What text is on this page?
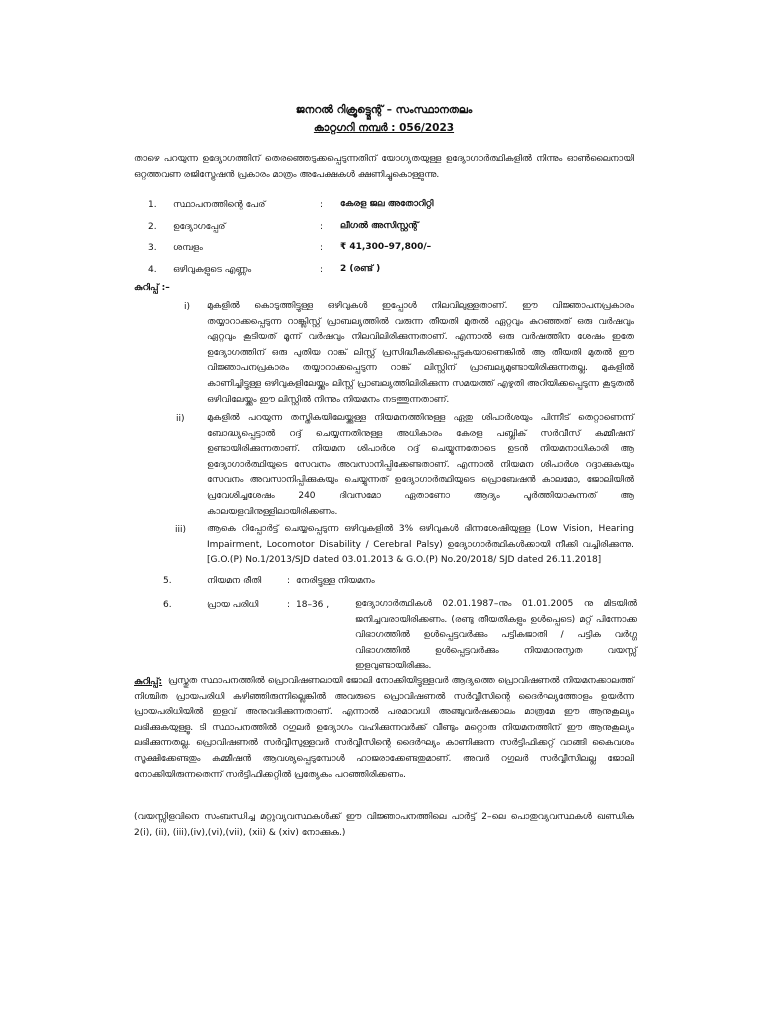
ജനറൽ റിക്രൂട്ട്മെന്റ് – സംസ്ഥാനതലം

കാറ്റഗറി നമ്പർ : 056/2023

താഴെ പറയുന്ന ഉദ്യോഗത്തിന് തെരഞ്ഞെടുക്കപ്പെടുന്നതിന് യോഗ്യതയുള്ള ഉദ്യോഗാർത്ഥികളിൽ നിന്നും ഓൺലൈനായി ഒറ്റത്തവണ രജിസ്ട്രേഷൻ പ്രകാരം മാത്രം അപേക്ഷകൾ ക്ഷണിച്ചുകൊള്ളുന്നു.

1. സ്ഥാപനത്തിന്റെ പേര്	: കേരള ജല അതോറിറ്റി
2. ഉദ്യോഗപ്പേര്	: ലീഗൽ അസിസ്റ്റന്റ്
3. ശമ്പളം	: ₹ 41,300–97,800/–
4. ഒഴിവുകളുടെ എണ്ണം	: 2 (രണ്ട് )

കുറിപ്പ് :–

i) മുകളിൽ കൊടുത്തിട്ടുള്ള ഒഴിവുകൾ ഇപ്പോൾ നിലവിലുള്ളതാണ്. ഈ വിജ്ഞാപനപ്രകാരം തയ്യാറാക്കപ്പെടുന്ന റാങ്ക്ലിസ്റ്റ് പ്രാബല്യത്തിൽ വരുന്ന തീയതി മുതൽ ഏറ്റവും കുറഞ്ഞത് ഒരു വർഷവും ഏറ്റവും കൂടിയത് മൂന്ന് വർഷവും നിലവിലിരിക്കുന്നതാണ്. എന്നാൽ ഒരു വർഷത്തിന ശേഷം ഇതേ ഉദ്യോഗത്തിന് ഒരു പുതിയ റാങ്ക് ലിസ്റ്റ് പ്രസിദ്ധീകരിക്കപ്പെടുകയാണെങ്കിൽ ആ തീയതി മുതൽ ഈ വിജ്ഞാപനപ്രകാരം തയ്യാറാക്കപ്പെടുന്ന റാങ്ക് ലിസ്റ്റിന് പ്രാബല്യമുണ്ടായിരിക്കുന്നതല്ല. മുകളിൽ കാണിച്ചിട്ടുള്ള ഒഴിവുകളിലേയ്ക്കും ലിസ്റ്റ് പ്രാബല്യത്തിലിരിക്കുന്ന സമയത്ത് എഴുതി അറിയിക്കപ്പെടുന്ന കൂടുതൽ ഒഴിവിലേയ്ക്കും ഈ ലിസ്റ്റിൽ നിന്നും നിയമനം നടത്തുന്നതാണ്.

ii) മുകളിൽ പറയുന്ന തസ്തികയിലേയ്ക്കുള്ള നിയമനത്തിനുള്ള ഏതു ശിപാർശയും പിന്നീട് തെറ്റാണെന്ന് ബോദ്ധ്യപ്പെട്ടാൽ റദ്ദ് ചെയ്യന്നതിനുള്ള അധികാരം കേരള പബ്ലിക് സർവീസ് കമ്മീഷന് ഉണ്ടായിരിക്കുന്നതാണ്. നിയമന ശിപാർശ റദ്ദ് ചെയ്യുന്നതോടെ ഉടൻ നിയമനാധികാരി ആ ഉദ്യോഗാർത്ഥിയുടെ സേവനം അവസാനിപ്പിക്കേണ്ടതാണ്. എന്നാൽ നിയമന ശിപാർശ റദ്ദാക്കുകയും സേവനം അവസാനിപ്പിക്കുകയും ചെയ്യുന്നത് ഉദ്യോഗാർത്ഥിയുടെ പ്രൊബേഷൻ കാലമോ, ജോലിയിൽ പ്രവേശിച്ചശേഷം 240 ദിവസമോ ഏതാണോ ആദ്യം പൂർത്തിയാകുന്നത് ആ കാലയളവിനുള്ളിലായിരിക്കണം.

iii) ആകെ റിപ്പോർട്ട് ചെയ്യപ്പെടുന്ന ഒഴിവുകളിൽ 3% ഒഴിവുകൾ ഭിന്നശേഷിയുള്ള (Low Vision, Hearing Impairment, Locomotor Disability / Cerebral Palsy) ഉദ്യോഗാർത്ഥികൾക്കായി നീക്കി വച്ചിരിക്കുന്നു. [G.O.(P) No.1/2013/SJD dated 03.01.2013 & G.O.(P) No.20/2018/ SJD dated 26.11.2018]

5.	നിയമന രീതി	: നേരിട്ടുള്ള നിയമനം
6.	പ്രായ പരിധി	: 18–36 ,	ഉദ്യോഗാർത്ഥികൾ 02.01.1987–നും 01.01.2005 നു മിടയിൽ ജനിച്ചവരായിരിക്കണം. (രണ്ടു തീയതികളും ഉൾപ്പെടെ) മറ്റ് പിന്നോക്ക വിഭാഗത്തിൽ ഉൾപ്പെട്ടവർക്കും പട്ടികജാതി / പട്ടിക വർഗ്ഗ വിഭാഗത്തിൽ ഉൾപ്പെട്ടവർക്കും നിയമാനുസൃത വയസ്സ് ഇളവുണ്ടായിരിക്കും.

പ്രസ്തുത സ്ഥാപനത്തിൽ പ്രൊവിഷണലായി ജോലി നോക്കിയിട്ടുള്ളവർ ആദ്യത്തെ പ്രൊവിഷണൽ നിയമനക്കാലത്ത് നിശ്ചിത പ്രായപരിധി കഴിഞ്ഞിരുന്നില്ലെങ്കിൽ അവരുടെ പ്രൊവിഷണൽ സർവ്വീസിന്റെ ദൈർഘ്യത്തോളം ഉയർന്ന പ്രായപരിധിയിൽ ഇളവ് അനുവദിക്കുന്നതാണ്. എന്നാൽ പരമാവധി അഞ്ചുവർഷക്കാലം മാത്രമേ ഈ ആനുകൂല്യം ലഭിക്കുകയുള്ളൂ. ടി സ്ഥാപനത്തിൽ റഗുലർ ഉദ്യോഗം വഹിക്കുന്നവർക്ക് വീണ്ടും മറ്റൊരു നിയമനത്തിന് ഈ ആനുകൂല്യം ലഭിക്കുന്നതല്ല. പ്രൊവിഷണൽ സർവ്വീസുള്ളവർ സർവ്വീസിന്റെ ദൈർഘ്യം കാണിക്കുന്ന സർട്ടിഫിക്കറ്റ് വാങ്ങി കൈവശം സൂക്ഷിക്കേണ്ടതും കമ്മീഷൻ ആവശ്യപ്പെടുമ്പോൾ ഹാജരാക്കേണ്ടതുമാണ്. അവർ റഗുലർ സർവ്വീസിലല്ല ജോലി നോക്കിയിരുന്നതെന്ന് സർട്ടിഫിക്കറ്റിൽ പ്രത്യേകം പറഞ്ഞിരിക്കണം.

കുറിപ്പ്:

(വയസ്സിളവിനെ സംബന്ധിച്ച മറ്റുവ്യവസ്ഥകൾക്ക് ഈ വിജ്ഞാപനത്തിലെ പാർട്ട് 2–ലെ പൊതുവ്യവസ്ഥകൾ ഖണ്ഡിക 2(i), (ii), (iii),(iv),(vi),(vii), (xii) & (xiv) നോക്കുക.)
